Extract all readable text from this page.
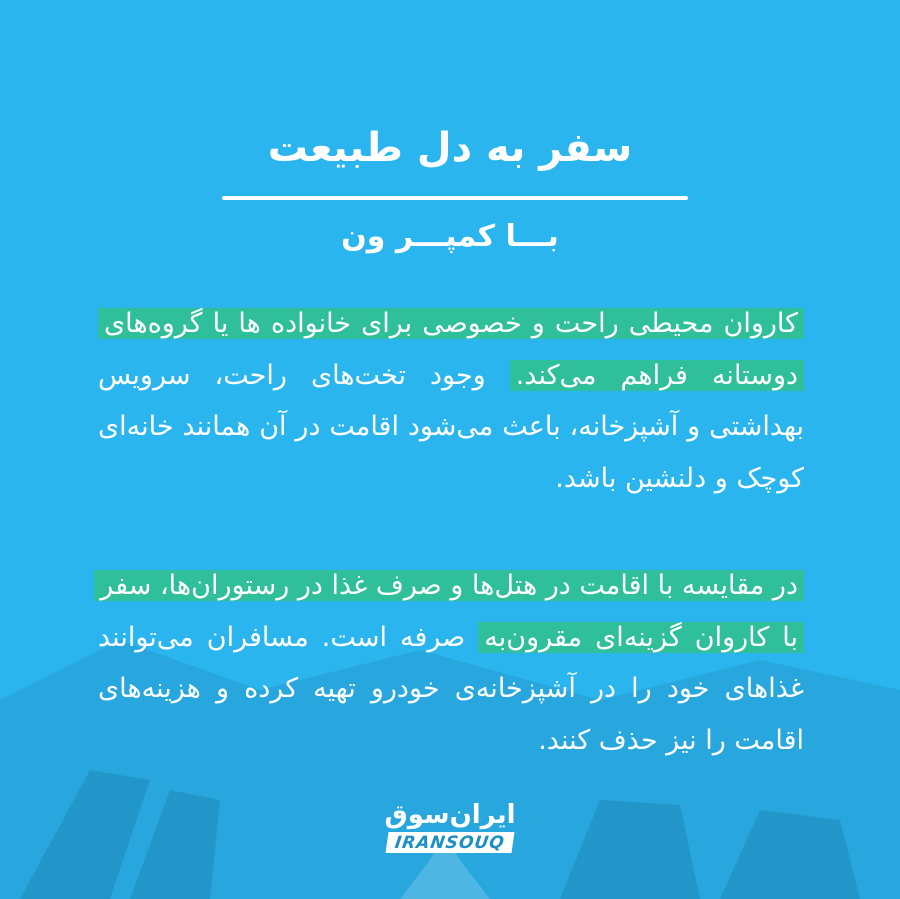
سفر به دل طبیعت
بـــا کمپـــر ون
کاروان محیطی راحت و خصوصی برای خانواده ها یا گروه‌های دوستانه فراهم می‌کند. وجود تخت‌های راحت، سرویس بهداشتی و آشپزخانه، باعث می‌شود اقامت در آن همانند خانه‌ای کوچک و دلنشین باشد.
در مقایسه با اقامت در هتل‌ها و صرف غذا در رستوران‌ها، سفر با کاروان گزینه‌ای مقرون‌به صرفه است. مسافران می‌توانند غذاهای خود را در آشپزخانه‌ی خودرو تهیه کرده و هزینه‌های اقامت را نیز حذف کنند.
ایران‌سوق
IRANSOUQ
